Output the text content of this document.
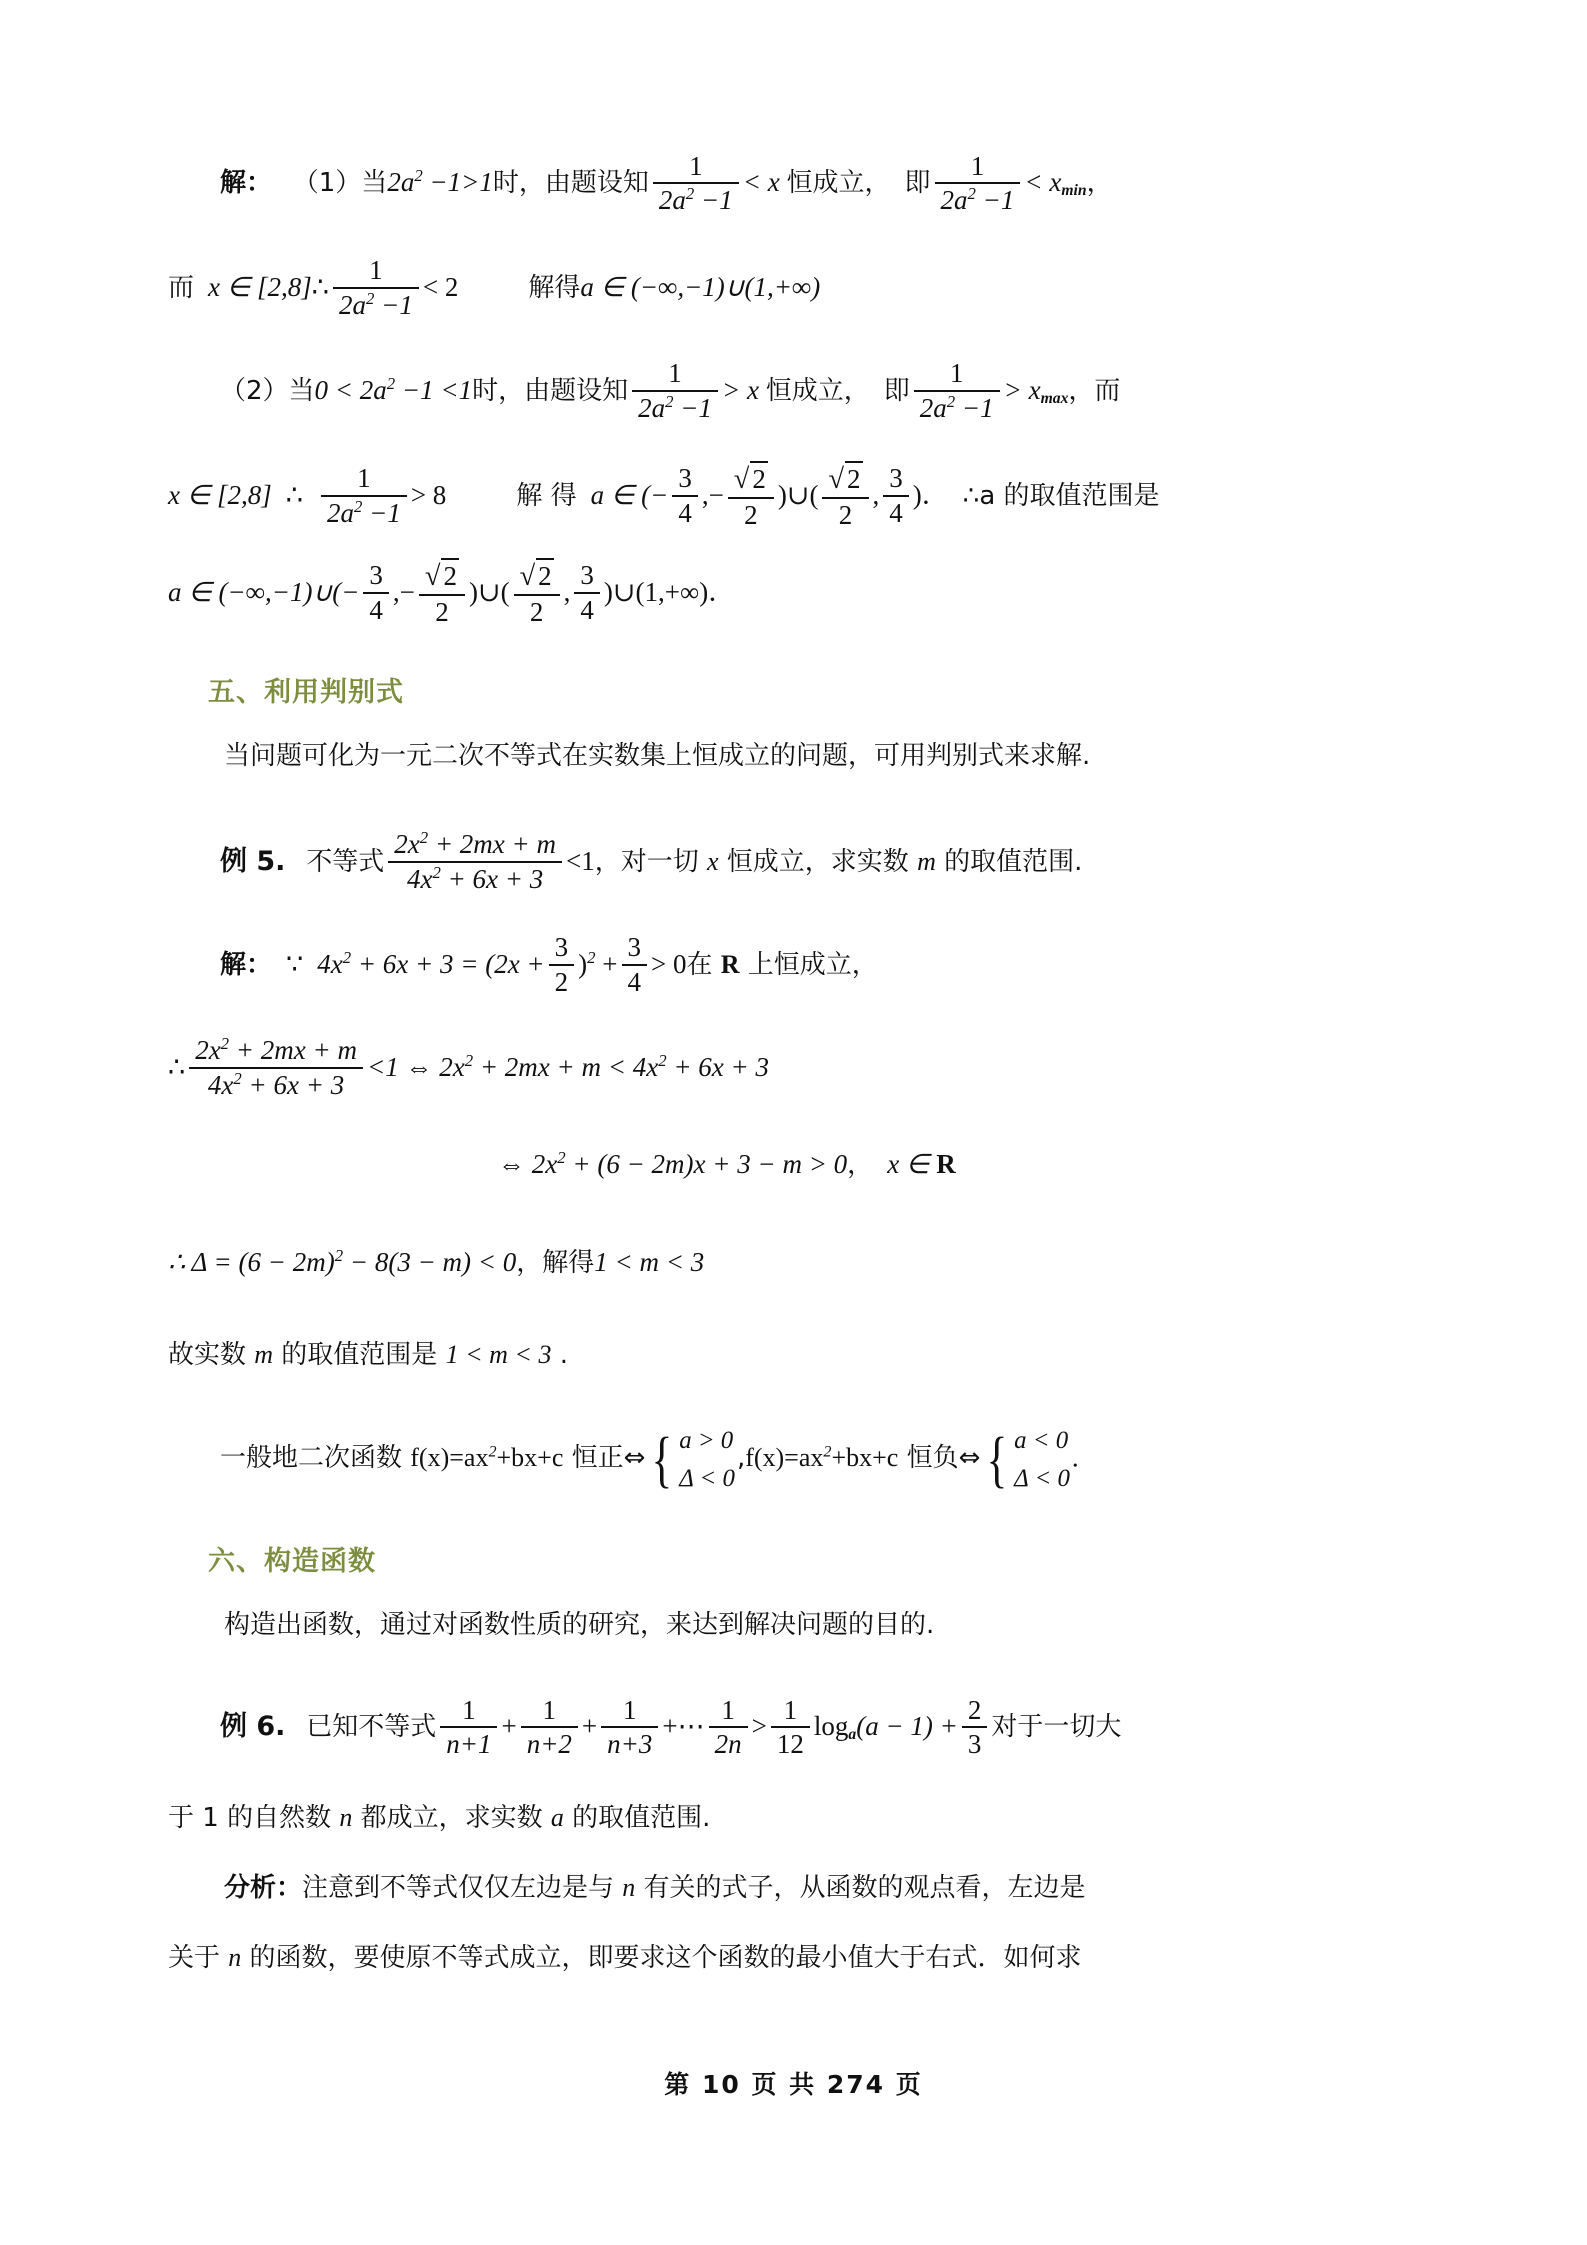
解： （1）当$2a^2 -1>1$时，由题设知 $\frac{1}{2a^2 -1} < x$ 恒成立， 即 $\frac{1}{2a^2 -1} < x_{min}$，
而 x ∈ [2,8]∴ $\frac{1}{2a^2 -1} < 2$	解得a ∈ (−∞,−1)∪(1,+∞)
（2）当$0 < 2a^2 -1 <1$时，由题设知 $\frac{1}{2a^2 -1} > x$ 恒成立， 即 $\frac{1}{2a^2 -1} > x_{max}$，而
x ∈ [2,8] ∴ $\frac{1}{2a^2 -1} > 8$	解 得 a ∈ (− $\frac{3}{4}$ ,− $\frac{√ 2}{2}$ )∪( $\frac{√ 2}{2}$ , $\frac{3}{4}$ )． ∴a 的取值范围是
a ∈ (−∞,−1)∪(− $\frac{3}{4}$ ,− $\frac{√ 2}{2}$ )∪( $\frac{√ 2}{2}$ , $\frac{3}{4}$ )∪(1,+∞)．
五、利用判别式
当问题可化为一元二次不等式在实数集上恒成立的问题，可用判别式来求解.
例 5. 不等式 $\frac{2x^2 + 2mx + m}{4x^2 + 6x + 3} <1$，对一切 x 恒成立，求实数 m 的取值范围.
解： ∵ $4x^2 + 6x + 3 = (2x + \frac{3}{2} )^2 + \frac{3}{4} > 0$在 R 上恒成立，
∴ $\frac{2x^2 + 2mx + m}{4x^2 + 6x + 3} <1$ ⇔ $2x^2 + 2mx + m < 4x^2 + 6x + 3$
⇔ $2x^2 + (6 - 2m)x + 3 - m > 0$， x ∈ R
∴ $\Delta = (6 - 2m)^2 - 8(3 - m) < 0$，解得1 < m < 3
故实数 m 的取值范围是 1 < m < 3 .
一般地二次函数 $f(x)=ax^2+bx+c$ 恒正⇔ { a > 0
Δ < 0
$,f(x)=ax^2+bx+c$ 恒负⇔ { a < 0
Δ < 0
.
六、构造函数
构造出函数，通过对函数性质的研究，来达到解决问题的目的.
例 6. 已知不等式 $\frac{1}{n+1} + \frac{1}{n+2} + \frac{1}{n+3}$ +⋯ $\frac{1}{2n} > \frac{1}{12} \log_a(a - 1) + \frac{2}{3}$ 对于一切大
于 1 的自然数 n 都成立，求实数 a 的取值范围.
分析：注意到不等式仅仅左边是与 n 有关的式子，从函数的观点看，左边是
关于 n 的函数，要使原不等式成立，即要求这个函数的最小值大于右式．如何求
第 10 页 共 274 页
